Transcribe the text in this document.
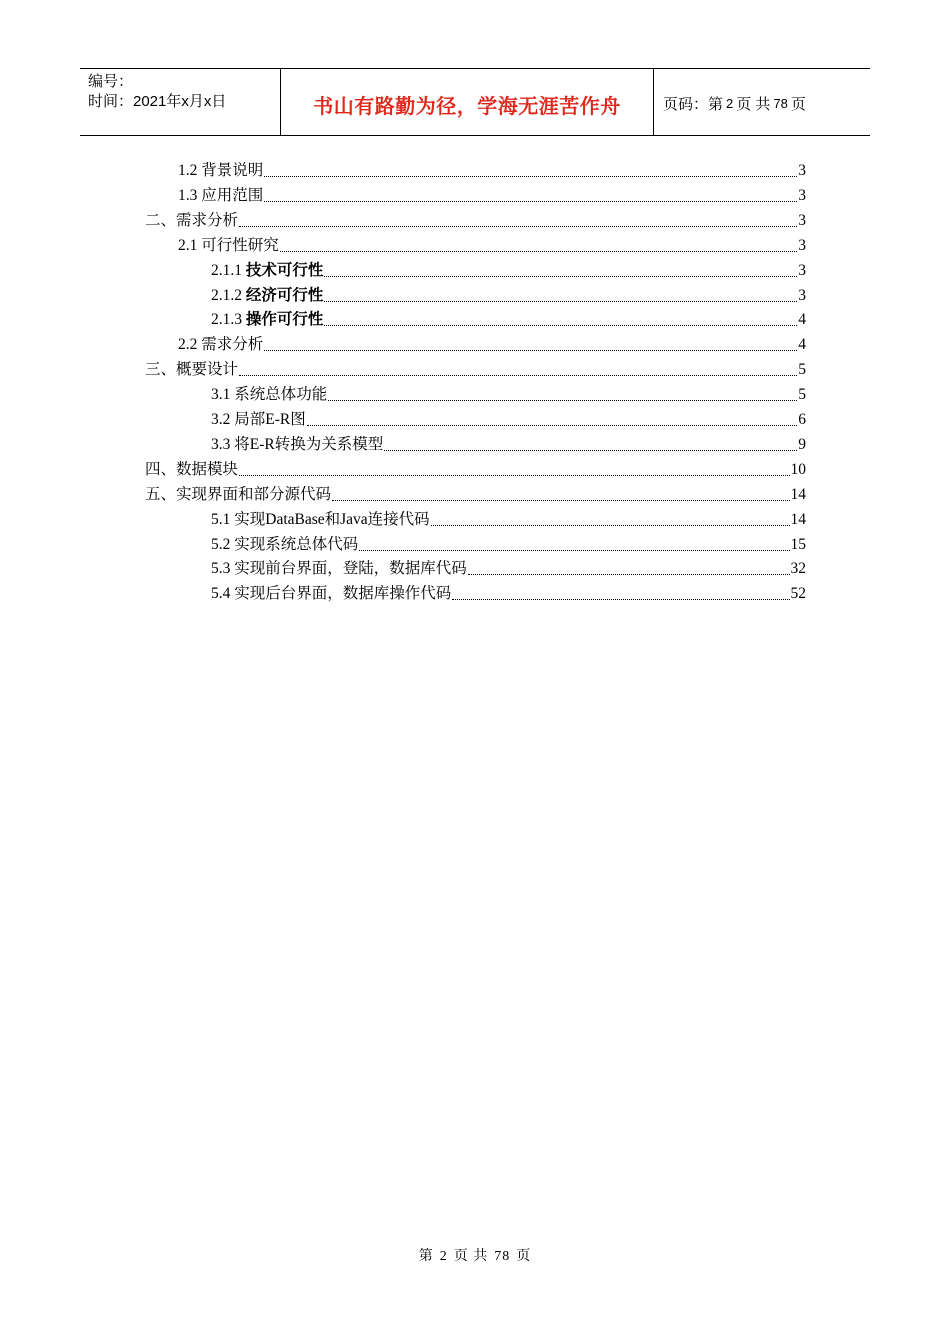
编号：
时间：2021年x月x日	书山有路勤为径，学海无涯苦作舟	页码：第 2 页 共 78 页
1.2 背景说明	3
1.3 应用范围	3
二、需求分析	3
2.1 可行性研究	3
2.1.1 技术可行性	3
2.1.2 经济可行性	3
2.1.3 操作可行性	4
2.2 需求分析	4
三、概要设计	5
3.1 系统总体功能	5
3.2 局部E-R图	6
3.3 将E-R转换为关系模型	9
四、数据模块	10
五、实现界面和部分源代码	14
5.1 实现DataBase和Java连接代码	14
5.2 实现系统总体代码	15
5.3 实现前台界面，登陆，数据库代码	32
5.4 实现后台界面，数据库操作代码	52
第 2 页 共 78 页
